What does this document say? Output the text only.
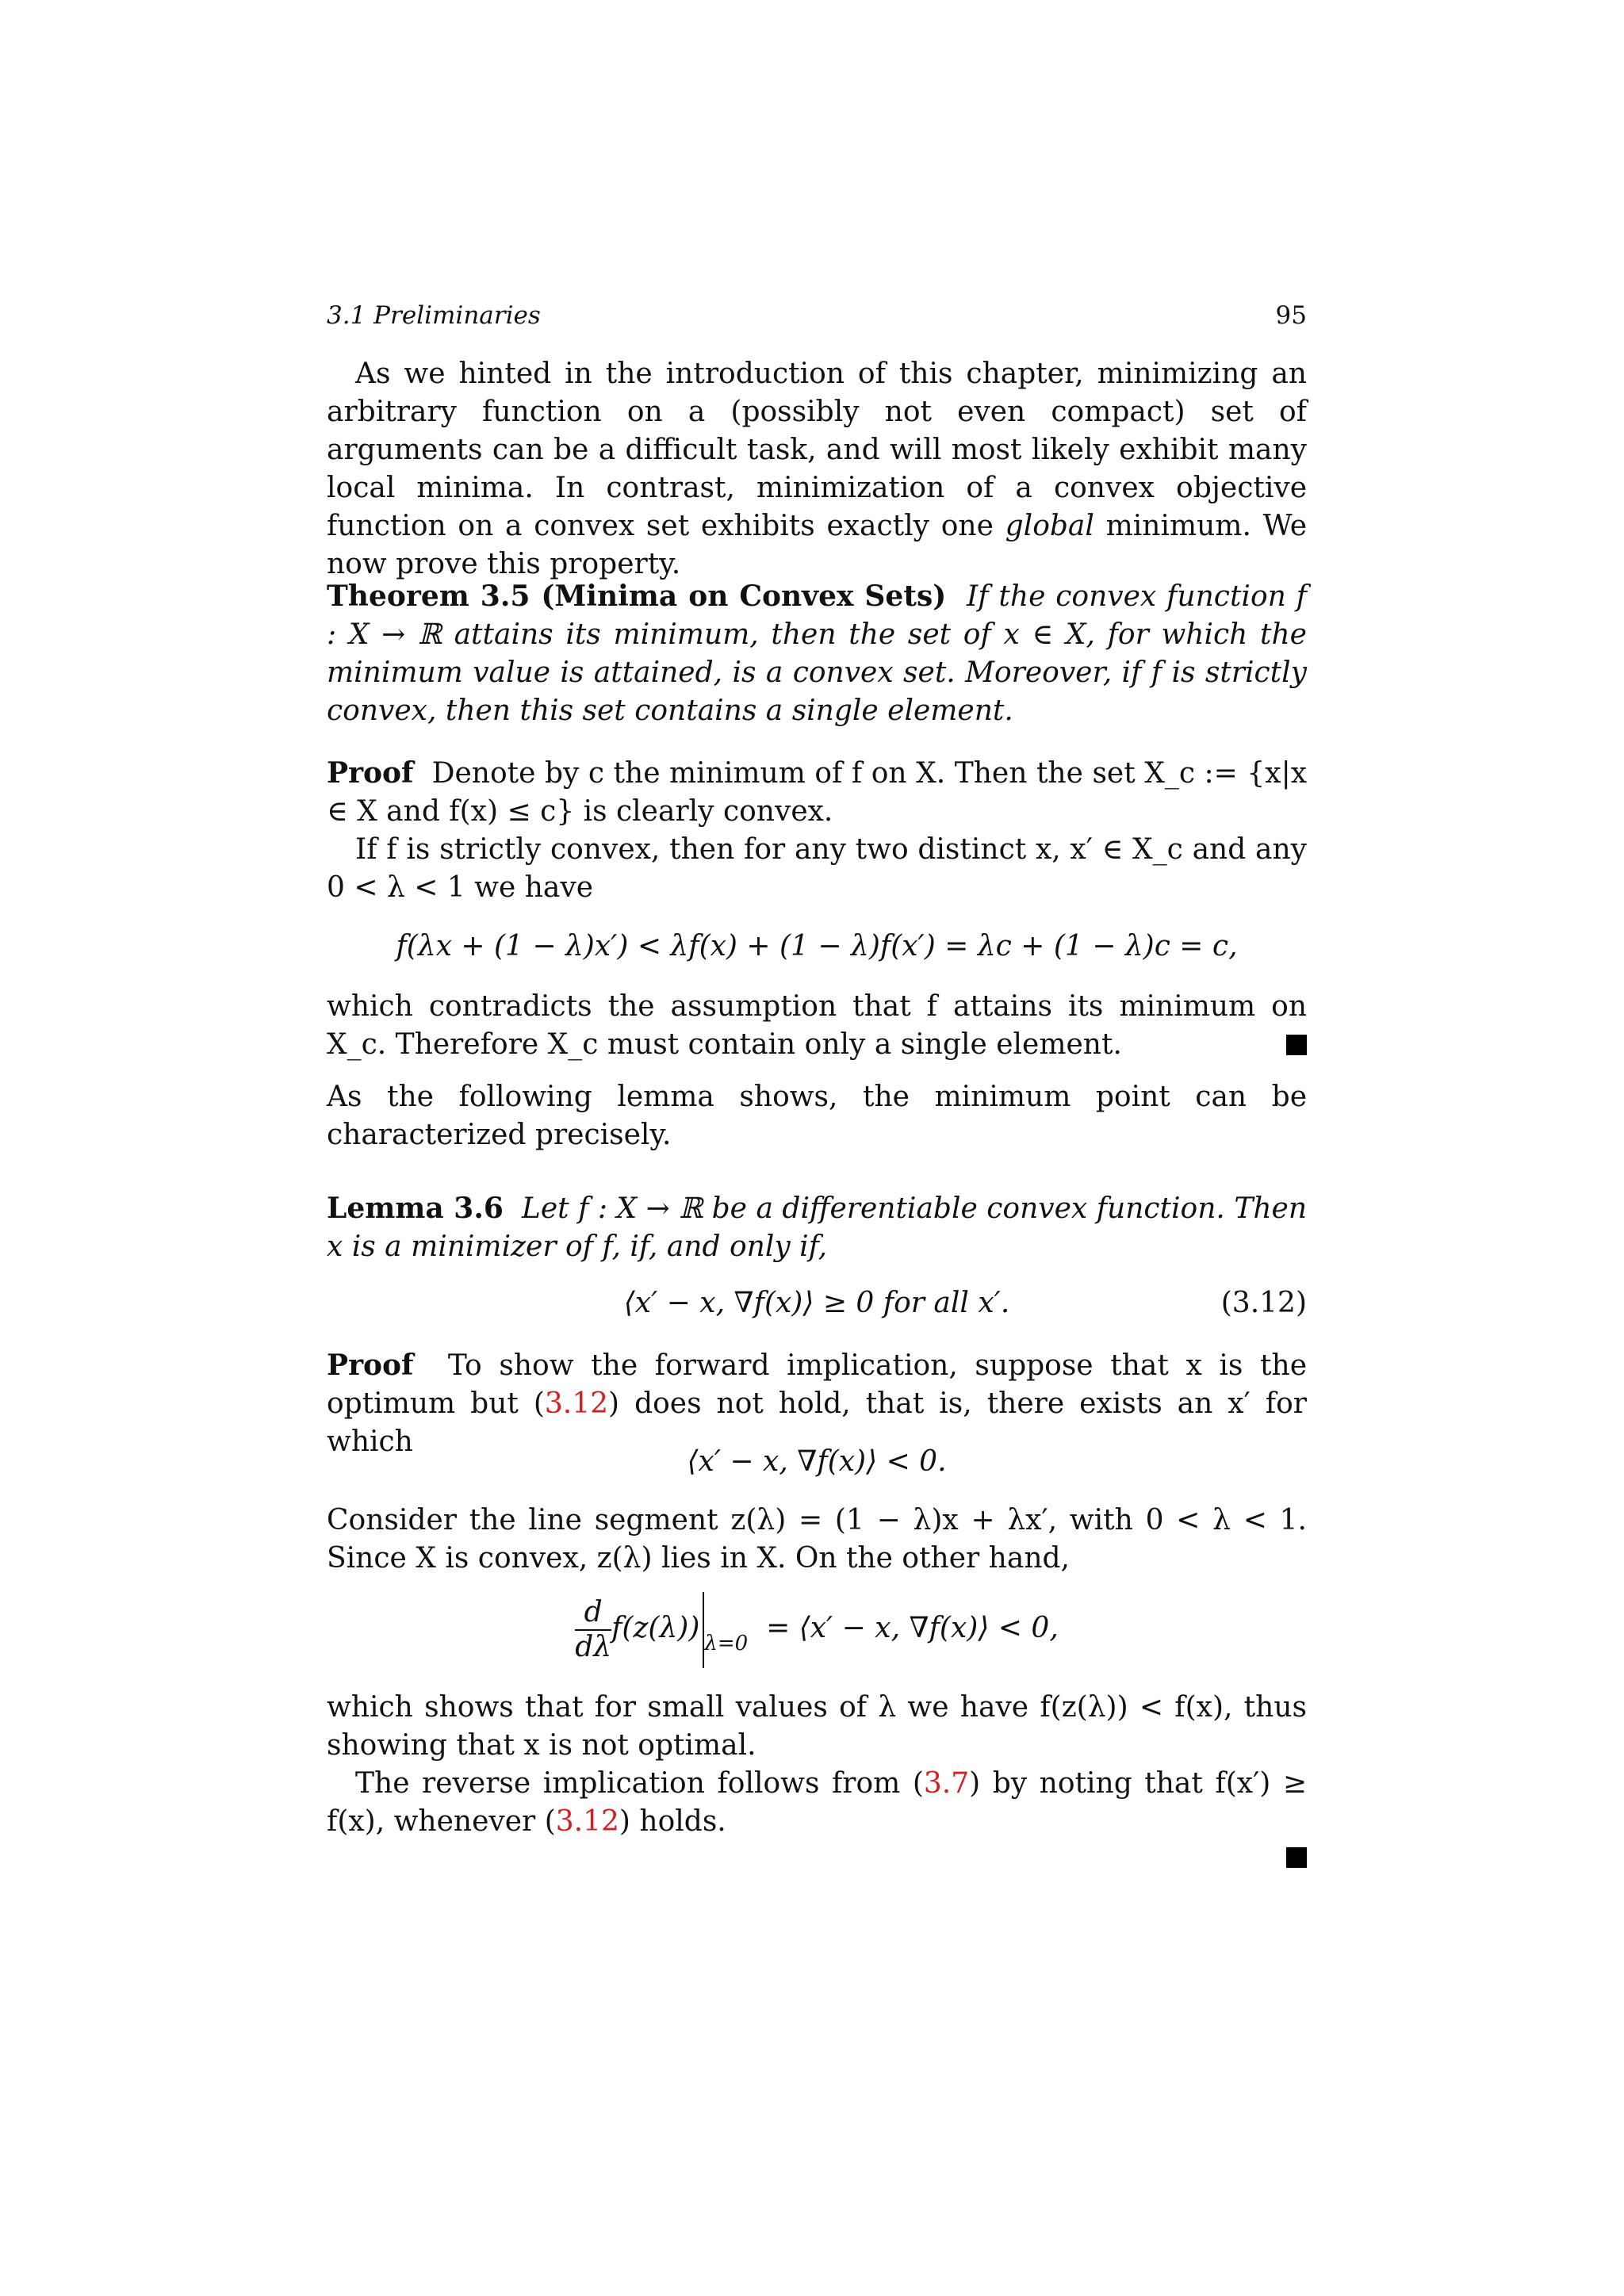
3.1 Preliminaries	95

As we hinted in the introduction of this chapter, minimizing an arbitrary function on a (possibly not even compact) set of arguments can be a difficult task, and will most likely exhibit many local minima. In contrast, minimization of a convex objective function on a convex set exhibits exactly one global minimum. We now prove this property.

Theorem 3.5 (Minima on Convex Sets) If the convex function f : X → ℝ attains its minimum, then the set of x ∈ X, for which the minimum value is attained, is a convex set. Moreover, if f is strictly convex, then this set contains a single element.

Proof Denote by c the minimum of f on X. Then the set X_c := {x|x ∈ X and f(x) ≤ c} is clearly convex.

If f is strictly convex, then for any two distinct x, x′ ∈ X_c and any 0 < λ < 1 we have

f(λx + (1 − λ)x′) < λf(x) + (1 − λ)f(x′) = λc + (1 − λ)c = c,

which contradicts the assumption that f attains its minimum on X_c. Therefore X_c must contain only a single element.

As the following lemma shows, the minimum point can be characterized precisely.

Lemma 3.6 Let f : X → ℝ be a differentiable convex function. Then x is a minimizer of f, if, and only if,

⟨x′ − x, ∇f(x)⟩ ≥ 0 for all x′.	(3.12)

Proof To show the forward implication, suppose that x is the optimum but (3.12) does not hold, that is, there exists an x′ for which

⟨x′ − x, ∇f(x)⟩ < 0.

Consider the line segment z(λ) = (1 − λ)x + λx′, with 0 < λ < 1. Since X is convex, z(λ) lies in X. On the other hand,

$\frac{d}{d\lambda} f(z(\lambda)) _{\lambda=0}$ = ⟨x′ − x, ∇f(x)⟩ < 0,

which shows that for small values of λ we have f(z(λ)) < f(x), thus showing that x is not optimal.

The reverse implication follows from (3.7) by noting that f(x′) ≥ f(x), whenever (3.12) holds.
